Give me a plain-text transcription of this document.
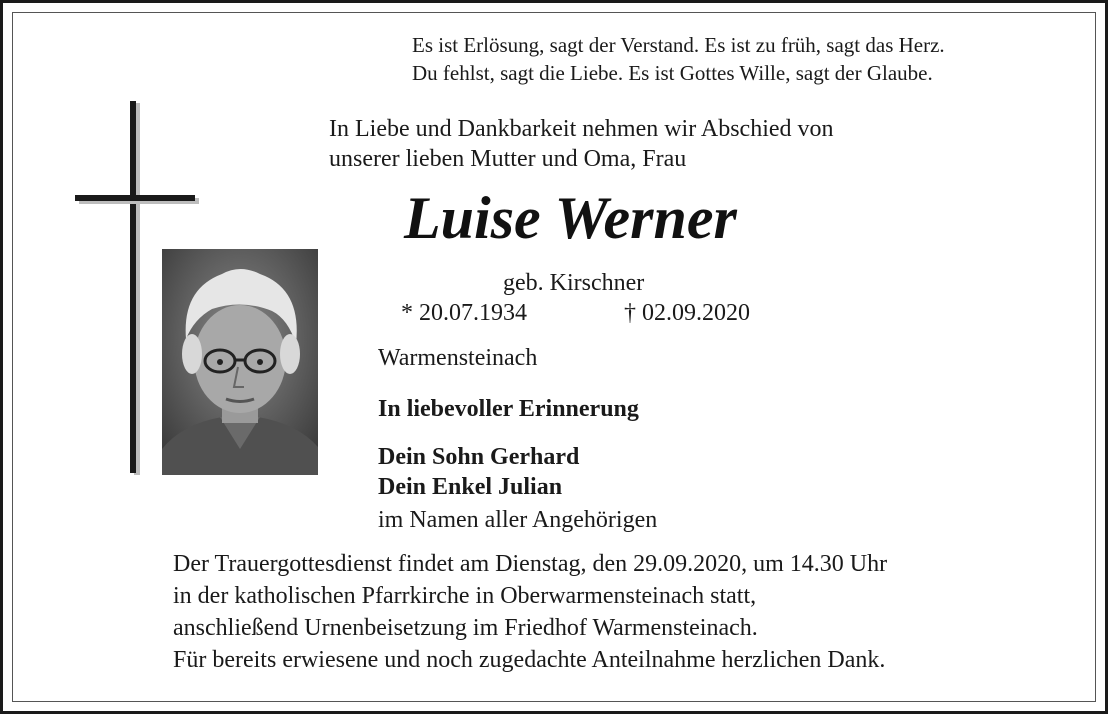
Es ist Erlösung, sagt der Verstand. Es ist zu früh, sagt das Herz.
Du fehlst, sagt die Liebe. Es ist Gottes Wille, sagt der Glaube.
In Liebe und Dankbarkeit nehmen wir Abschied von
unserer lieben Mutter und Oma, Frau
Luise Werner
geb. Kirschner
* 20.07.1934	† 02.09.2020
Warmensteinach
In liebevoller Erinnerung
Dein Sohn Gerhard
Dein Enkel Julian
im Namen aller Angehörigen
Der Trauergottesdienst findet am Dienstag, den 29.09.2020, um 14.30 Uhr
in der katholischen Pfarrkirche in Oberwarmensteinach statt,
anschließend Urnenbeisetzung im Friedhof Warmensteinach.
Für bereits erwiesene und noch zugedachte Anteilnahme herzlichen Dank.
